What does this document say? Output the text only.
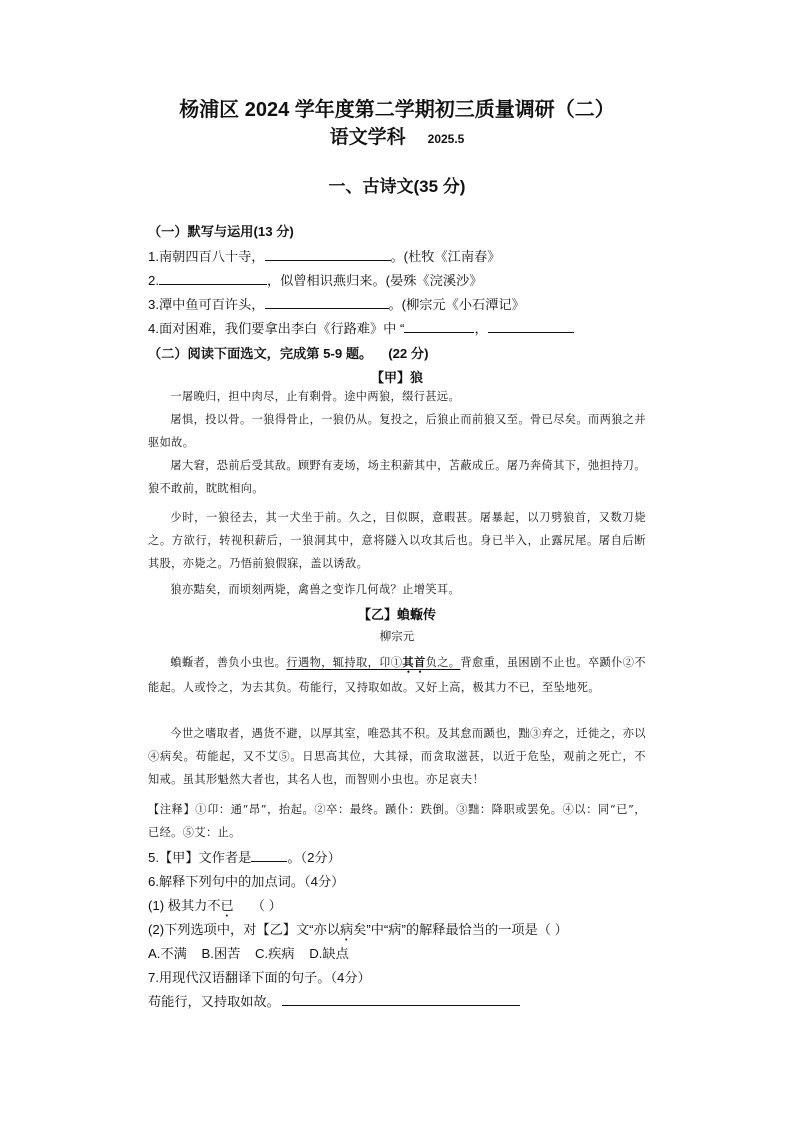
杨浦区 2024 学年度第二学期初三质量调研（二）
语文学科 2025.5
一、古诗文(35 分)
（一）默写与运用(13 分)
1.南朝四百八十寺，	。(杜牧《江南春》
2.	，似曾相识燕归来。(晏殊《浣溪沙》
3.潭中鱼可百许头，	。(柳宗元《小石潭记》
4.面对困难，我们要拿出李白《行路难》中 “	，
（二）阅读下面选文，完成第 5-9 题。 (22 分)
【甲】狼
一屠晚归，担中肉尽，止有剩骨。途中两狼，缀行甚远。
屠惧，投以骨。一狼得骨止，一狼仍从。复投之，后狼止而前狼又至。骨已尽矣。而两狼之并驱如故。
屠大窘，恐前后受其敌。顾野有麦场，场主积薪其中，苫蔽成丘。屠乃奔倚其下，弛担持刀。狼不敢前，眈眈相向。
少时，一狼径去，其一犬坐于前。久之，目似瞑，意暇甚。屠暴起，以刀劈狼首，又数刀毙之。方欲行，转视积薪后，一狼洞其中，意将隧入以攻其后也。身已半入，止露尻尾。屠自后断其股，亦毙之。乃悟前狼假寐，盖以诱敌。
狼亦黠矣，而顷刻两毙，禽兽之变诈几何哉？止增笑耳。
【乙】蝜蝂传
柳宗元
蝜蝂者，善负小虫也。行遇物，辄持取，卬①其首负之。背愈重，虽困剧不止也。卒踬仆②不能起。人或怜之，为去其负。苟能行，又持取如故。又好上高，极其力不已，至坠地死。
今世之嗜取者，遇货不避，以厚其室，唯恐其不积。及其怠而踬也，黜③弃之，迁徙之，亦以④病矣。苟能起，又不艾⑤。日思高其位，大其禄，而贪取滋甚，以近于危坠，观前之死亡，不知戒。虽其形魁然大者也，其名人也，而智则小虫也。亦足哀夫！
【注释】①卬：通“昂”，抬起。②卒：最终。踬仆：跌倒。③黜：降职或罢免。④以：同“已”，已经。⑤艾：止。
5.【甲】文作者是	。（2分）
6.解释下列句中的加点词。（4分）
(1) 极其力不已 （ ）
(2)下列选项中，对【乙】文“亦以病矣”中“病”的解释最恰当的一项是（ ）
A.不满    B.困苦    C.疾病    D.缺点
7.用现代汉语翻译下面的句子。（4分）
苟能行，又持取如故。
